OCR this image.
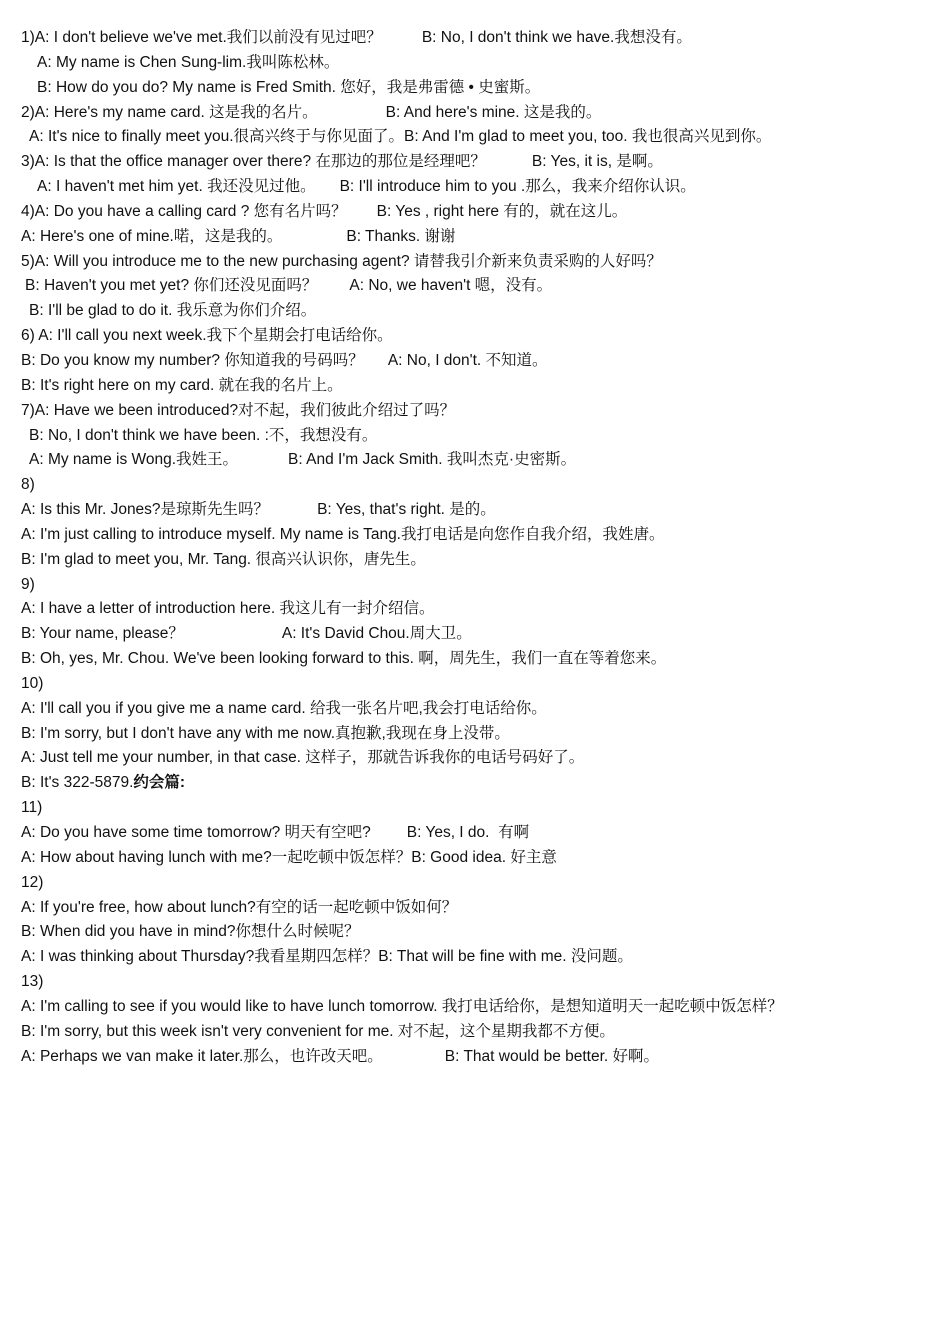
1)A: I don't believe we've met.我们以前没有见过吧？	B: No, I don't think we have.我想没有。
A: My name is Chen Sung-lim.我叫陈松林。
B: How do you do? My name is Fred Smith. 您好，我是弗雷德 • 史蜜斯。
2)A: Here's my name card. 这是我的名片。	B: And here's mine. 这是我的。
A: It's nice to finally meet you.很高兴终于与你见面了。B: And I'm glad to meet you, too. 我也很高兴见到你。
3)A: Is that the office manager over there? 在那边的那位是经理吧？	B: Yes, it is, 是啊。
A: I haven't met him yet. 我还没见过他。 B: I'll introduce him to you .那么，我来介绍你认识。
4)A: Do you have a calling card ? 您有名片吗？ B: Yes , right here 有的，就在这儿。
A: Here's one of mine.喏，这是我的。	B: Thanks. 谢谢
5)A: Will you introduce me to the new purchasing agent? 请替我引介新来负责采购的人好吗？
B: Haven't you met yet? 你们还没见面吗？ A: No, we haven't 嗯，没有。
B: I'll be glad to do it. 我乐意为你们介绍。
6) A: I'll call you next week.我下个星期会打电话给你。
B: Do you know my number? 你知道我的号码吗？ A: No, I don't. 不知道。
B: It's right here on my card. 就在我的名片上。
7)A: Have we been introduced?对不起，我们彼此介绍过了吗？
B: No, I don't think we have been. :不，我想没有。
A: My name is Wong.我姓王。	B: And I'm Jack Smith. 我叫杰克·史密斯。
8)
A: Is this Mr. Jones?是琼斯先生吗？	B: Yes, that's right. 是的。
A: I'm just calling to introduce myself. My name is Tang.我打电话是向您作自我介绍，我姓唐。
B: I'm glad to meet you, Mr. Tang. 很高兴认识你，唐先生。
9)
A: I have a letter of introduction here. 我这儿有一封介绍信。
B: Your name, please？	A: It's David Chou.周大卫。
B: Oh, yes, Mr. Chou. We've been looking forward to this. 啊，周先生，我们一直在等着您来。
10)
A: I'll call you if you give me a name card. 给我一张名片吧,我会打电话给你。
B: I'm sorry, but I don't have any with me now.真抱歉,我现在身上没带。
A: Just tell me your number, in that case. 这样子，那就告诉我你的电话号码好了。
B: It's 322-5879.约会篇:
11)
A: Do you have some time tomorrow? 明天有空吧? B: Yes, I do.  有啊
A: How about having lunch with me?一起吃顿中饭怎样？B: Good idea. 好主意
12)
A: If you're free, how about lunch?有空的话一起吃顿中饭如何？
B: When did you have in mind?你想什么时候呢？
A: I was thinking about Thursday?我看星期四怎样？B: That will be fine with me. 没问题。
13)
A: I'm calling to see if you would like to have lunch tomorrow. 我打电话给你，是想知道明天一起吃顿中饭怎样？
B: I'm sorry, but this week isn't very convenient for me. 对不起，这个星期我都不方便。
A: Perhaps we van make it later.那么，也许改天吧。	B: That would be better. 好啊。
